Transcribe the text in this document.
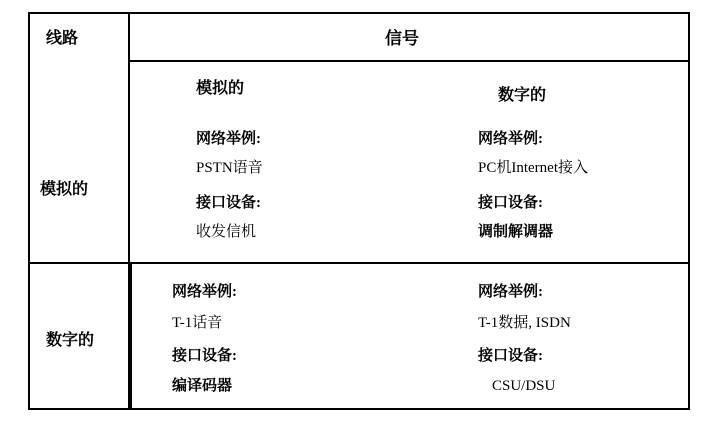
线路	信号
模拟的	数字的
模拟的
数字的
网络举例:
PSTN语音
接口设备:
收发信机
网络举例:
PC机Internet接入
接口设备:
调制解调器
网络举例:
T-1话音
接口设备:
编译码器
网络举例:
T-1数据, ISDN
接口设备:
CSU/DSU
